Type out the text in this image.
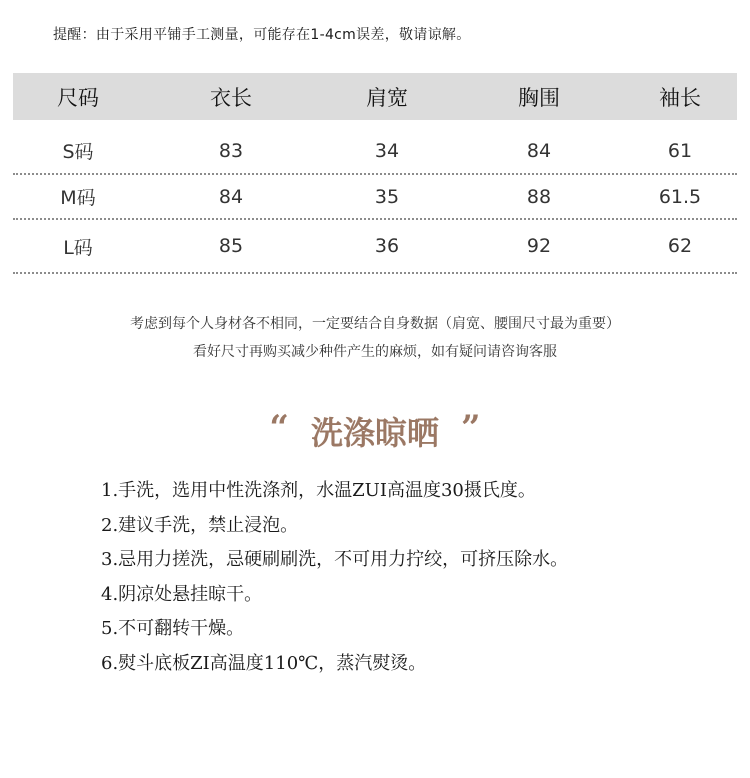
提醒：由于采用平铺手工测量，可能存在1-4cm误差，敬请谅解。
尺码	衣长	肩宽	胸围	袖长
S码	83	34	84	61
M码	84	35	88	61.5
L码	85	36	92	62
考虑到每个人身材各不相同，一定要结合自身数据（肩宽、腰围尺寸最为重要）
看好尺寸再购买减少种件产生的麻烦，如有疑问请咨询客服
“ 洗涤晾晒 ”
1.手洗，选用中性洗涤剂，水温ZUI高温度30摄氏度。
2.建议手洗，禁止浸泡。
3.忌用力搓洗，忌硬刷刷洗，不可用力拧绞，可挤压除水。
4.阴凉处悬挂晾干。
5.不可翻转干燥。
6.熨斗底板ZI高温度110℃，蒸汽熨烫。
